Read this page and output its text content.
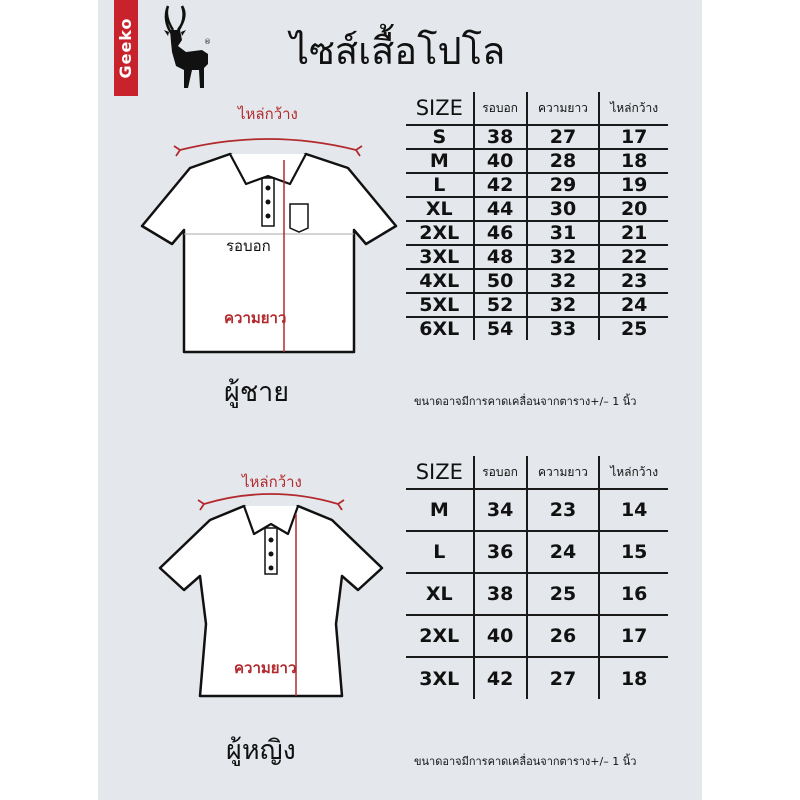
Geeko	® ไซส์เสื้อโปโล
ไหล่กว้าง
รอบอก
ความยาว
ผู้ชาย
SIZE	รอบอก	ความยาว	ไหล่กว้าง
S	38	27	17
M	40	28	18
L	42	29	19
XL	44	30	20
2XL	46	31	21
3XL	48	32	22
4XL	50	32	23
5XL	52	32	24
6XL	54	33	25
ขนาดอาจมีการคาดเคลื่อนจากตาราง+/– 1 นิ้ว
ไหล่กว้าง
ความยาว
ผู้หญิง
SIZE	รอบอก	ความยาว	ไหล่กว้าง
M	34	23	14
L	36	24	15
XL	38	25	16
2XL	40	26	17
3XL	42	27	18
ขนาดอาจมีการคาดเคลื่อนจากตาราง+/– 1 นิ้ว
